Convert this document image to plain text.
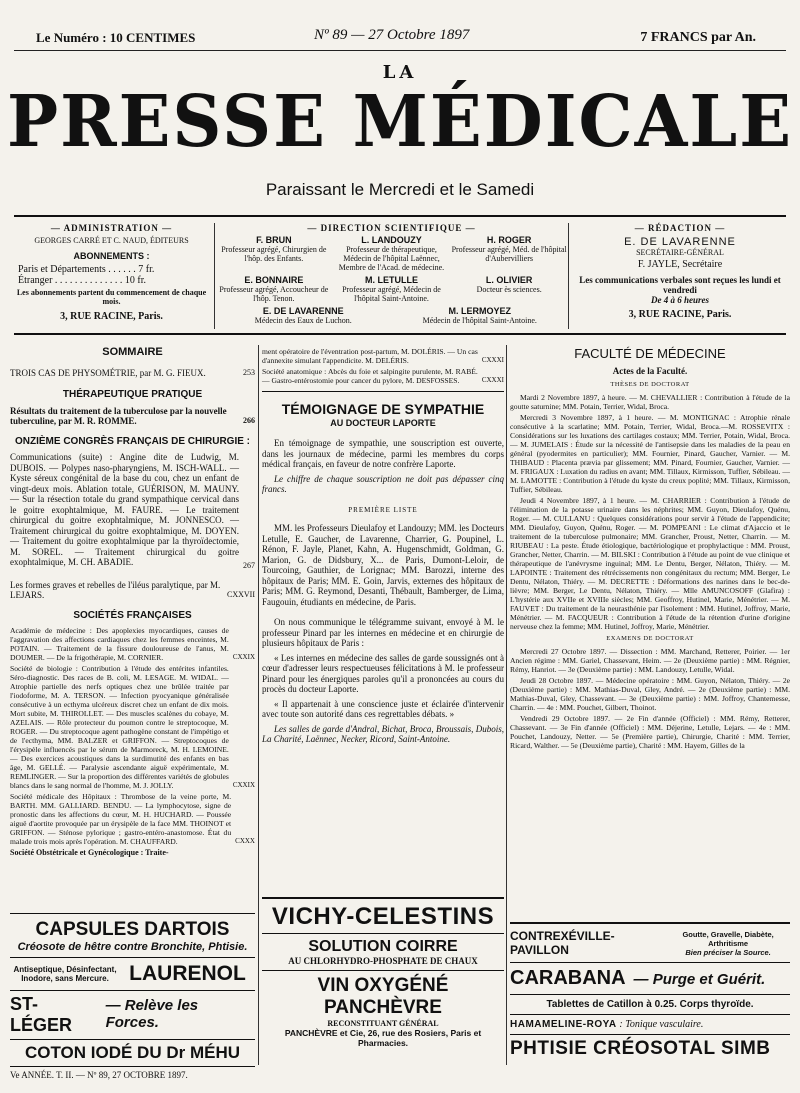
Le Numéro : 10 CENTIMES	Nº 89 — 27 Octobre 1897	7 FRANCS par An.
LA
PRESSE MÉDICALE
Paraissant le Mercredi et le Samedi
— ADMINISTRATION —
GEORGES CARRÉ ET C. NAUD, ÉDITEURS
ABONNEMENTS :
Paris et Départements . . . . . . 7 fr.
Étranger . . . . . . . . . . . . . . 10 fr.
Les abonnements partent du commencement de chaque mois.
3, RUE RACINE, Paris.
— DIRECTION SCIENTIFIQUE —
F. BRUN
Professeur agrégé, Chirurgien de l'hôp. des Enfants.
L. LANDOUZY
Professeur de thérapeutique, Médecin de l'hôpital Laënnec, Membre de l'Acad. de médecine.
H. ROGER
Professeur agrégé, Méd. de l'hôpital d'Aubervilliers
E. BONNAIRE
Professeur agrégé, Accoucheur de l'hôp. Tenon.
M. LETULLE
Professeur agrégé, Médecin de l'hôpital Saint-Antoine.
L. OLIVIER
Docteur ès sciences.
E. DE LAVARENNE
Médecin des Eaux de Luchon.
M. LERMOYEZ
Médecin de l'hôpital Saint-Antoine.
— RÉDACTION —
E. DE LAVARENNE
SECRÉTAIRE-GÉNÉRAL
F. JAYLE, Secrétaire
Les communications verbales sont reçues les lundi et vendredi
De 4 à 6 heures
3, RUE RACINE, Paris.
SOMMAIRE
TROIS CAS DE PHYSOMÉTRIE, par M. G. FIEUX.	253
THÉRAPEUTIQUE PRATIQUE
Résultats du traitement de la tuberculose par la nouvelle tuberculine, par M. R. ROMME.	266
ONZIÈME CONGRÈS FRANÇAIS DE CHIRURGIE :
Communications (suite) : Angine dite de Ludwig, M. DUBOIS. — Polypes naso-pharyngiens, M. ISCH-WALL. — Kyste séreux congénital de la base du cou, chez un enfant de vingt-deux mois. Ablation totale, GUÉRISON, M. MAUNY. — Sur la résection totale du grand sympathique cervical dans le goitre exophtalmique, M. FAURE. — Le traitement chirurgical du goitre exophtalmique, M. JONNESCO. — Traitement chirurgical du goitre exophtalmique, M. DOYEN. — Traitement du goitre exophtalmique par la thyroïdectomie, M. SOREL. — Traitement chirurgical du goitre exophtalmique, M. CH. ABADIE.	267
Les formes graves et rebelles de l'iléus paralytique, par M. LEJARS.	CXXVII
SOCIÉTÉS FRANÇAISES
Académie de médecine : Des apoplexies myocardiques, causes de l'aggravation des affections cardiaques chez les femmes enceintes, M. POTAIN. — Traitement de la fissure douloureuse de l'anus, M. DOUMER. — De la frigothérapie, M. CORNIER.	CXXIX
Société de biologie : Contribution à l'étude des entérites infantiles. Séro-diagnostic. Des races de B. coli, M. LESAGE. M. WIDAL. — Atrophie partielle des nerfs optiques chez une brûlée traitée par l'iodoforme, M. A. TERSON. — Infection pyocyanique généralisée consécutive à un ecthyma ulcéreux discret chez un enfant de dix mois. Mort subite, M. THIROLLET. — Des muscles scalènes du cobaye, M. AZELAIS. — Rôle protecteur du poumon contre le streptocoque, M. ROGER. — Du streptocoque agent pathogène constant de l'impétigo et de l'ecthyma, MM. BALZER et GRIFFON. — Streptocoques de l'érysipèle influencés par le sérum de Marmoreck, M. H. LEMOINE. — Des exercices acoustiques dans la surdimutité des enfants en bas âge, M. GELLÉ. — Paralysie ascendante aiguë expérimentale, M. REMLINGER. — Sur la proportion des différentes variétés de globules blancs dans le sang normal de l'homme, M. J. JOLLY.	CXXIX
Société médicale des Hôpitaux : Thrombose de la veine porte, M. BARTH. MM. GALLIARD. BENDU. — La lymphocytose, signe de pronostic dans les affections du cœur, M. H. HUCHARD. — Poussée aiguë d'aortite provoquée par un érysipèle de la face MM. THOINOT et GRIFFON. — Sténose pylorique ; gastro-entéro-anastomose. État du malade trois mois après l'opération. M. CHAUFFARD.	CXXX
Société Obstétricale et Gynécologique : Traite-
CAPSULES DARTOIS
Créosote de hêtre contre Bronchite, Phtisie.
Antiseptique, Désinfectant, Inodore, sans Mercure. LAURENOL
ST-LÉGER
— Relève les Forces.
COTON IODÉ DU Dr MÉHU
Ve ANNÉE. T. II. — Nº 89, 27 OCTOBRE 1897.
ment opératoire de l'éventration post-partum, M. DOLÉRIS. — Un cas d'annexite simulant l'appendicite. M. DELÉRIS.	CXXXI
Société anatomique : Abcès du foie et salpingite purulente, M. RABÉ. — Gastro-entérostomie pour cancer du pylore, M. DESFOSSES.	CXXXI
TÉMOIGNAGE DE SYMPATHIE
AU DOCTEUR LAPORTE
En témoignage de sympathie, une souscription est ouverte, dans les journaux de médecine, parmi les membres du corps médical français, en faveur de notre confrère Laporte.
Le chiffre de chaque souscription ne doit pas dépasser cinq francs.
PREMIÈRE LISTE
MM. les Professeurs Dieulafoy et Landouzy; MM. les Docteurs Letulle, E. Gaucher, de Lavarenne, Charrier, G. Poupinel, L. Rénon, F. Jayle, Planet, Kahn, A. Hugenschmidt, Goldman, G. Marion, G. de Didsbury, X... de Paris, Dumont-Leloir, de Tourcoing, Gauthier, de Lorignac; MM. Barozzi, interne des hôpitaux de Paris; MM. E. Goin, Jarvis, externes des hôpitaux de Paris; MM. G. Reymond, Desanti, Thébault, Bamberger, de Lima, Faugouin, étudiants en médecine, de Paris.
On nous communique le télégramme suivant, envoyé à M. le professeur Pinard par les internes en médecine et en chirurgie de plusieurs hôpitaux de Paris :
« Les internes en médecine des salles de garde soussignés ont à cœur d'adresser leurs respectueuses félicitations à M. le professeur Pinard pour les énergiques paroles qu'il a prononcées au cours du procès du docteur Laporte.
« Il appartenait à une conscience juste et éclairée d'intervenir avec toute son autorité dans ces regrettables débats. »
Les salles de garde d'Andral, Bichat, Broca, Broussais, Dubois, La Charité, Laënnec, Necker, Ricord, Saint-Antoine.
VICHY-CELESTINS
SOLUTION COIRRE
AU CHLORHYDRO-PHOSPHATE DE CHAUX
VIN OXYGÉNÉ PANCHÈVRE
RECONSTITUANT GÉNÉRAL
PANCHÈVRE et Cie, 26, rue des Rosiers, Paris et Pharmacies.
FACULTÉ DE MÉDECINE
Actes de la Faculté.
THÈSES DE DOCTORAT
Mardi 2 Novembre 1897, à heure. — M. CHEVALLIER : Contribution à l'étude de la goutte saturnine; MM. Potain, Terrier, Widal, Broca.
Mercredi 3 Novembre 1897, à 1 heure. — M. MONTIGNAC : Atrophie rénale consécutive à la scarlatine; MM. Potain, Terrier, Widal, Broca.—M. ROSSEVITX : Considérations sur les luxations des cartilages costaux; MM. Terrier, Potain, Widal, Broca. — M. JUMELAIS : Étude sur la nécessité de l'antisepsie dans les maladies de la peau en général (pyodermites en particulier); MM. Fournier, Pinard, Gaucher, Varnier. — M. THIBAUD : Placenta prævia par glissement; MM. Pinard, Fournier, Gaucher, Varnier. — M. FRIGAUX : Luxation du radius en avant; MM. Tillaux, Kirmisson, Tuffier, Sébileau. — M. LAMOTTE : Contribution à l'étude du kyste du creux poplité; MM. Tillaux, Kirmisson, Tuffier, Sébileau.
Jeudi 4 Novembre 1897, à 1 heure. — M. CHARRIER : Contribution à l'étude de l'élimination de la potasse urinaire dans les néphrites; MM. Guyon, Dieulafoy, Quénu, Roger. — M. CULLANU : Quelques considérations pour servir à l'étude de l'appendicite; MM. Dieulafoy, Guyon, Quénu, Roger. — M. POMPEANI : Le climat d'Ajaccio et le traitement de la tuberculose pulmonaire; MM. Grancher, Proust, Netter, Charrin. — M. RIUBEAU : La peste. Étude étiologique, bactériologique et prophylactique : MM. Proust, Grancher, Netter, Charrin. — M. BILSKI : Contribution à l'étude au point de vue clinique et thérapeutique de l'anévrysme inguinal; MM. Le Dentu, Berger, Nélaton, Thiéry. — M. LAPOINTE : Traitement des rétrécissements non congénitaux du rectum; MM. Berger, Le Dentu, Nélaton, Thiéry. — M. DECRETTE : Déformations des narines dans le bec-de-lièvre; MM. Berger, Le Dentu, Nélaton, Thiéry. — Mlle AMUNCOSOFF (Glafira) : L'hystérie aux XVIIe et XVIIIe siècles; MM. Geoffroy, Hutinel, Marie, Ménétrier. — M. FAUVET : Du traitement de la neurasthénie par l'isolement : MM. Hutinel, Joffroy, Marie, Ménétrier. — M. FACQUEUR : Contribution à l'étude de la rétention d'urine d'origine nerveuse chez la femme; MM. Hutinel, Joffroy, Marie, Ménétrier.
EXAMENS DE DOCTORAT
Mercredi 27 Octobre 1897. — Dissection : MM. Marchand, Retterer, Poirier. — 1er Ancien régime : MM. Gariel, Chassevant, Heim. — 2e (Deuxième partie) : MM. Régnier, Rémy, Hanriot. — 3e (Deuxième partie) : MM. Landouzy, Letulle, Widal.
Jeudi 28 Octobre 1897. — Médecine opératoire : MM. Guyon, Nélaton, Thiéry. — 2e (Deuxième partie) : MM. Mathias-Duval, Gley, André. — 2e (Deuxième partie) : MM. Mathias-Duval, Gley, Chassevant. — 3e (Deuxième partie) : MM. Joffroy, Chantemesse, Charrin. — 4e : MM. Pouchet, Gilbert, Thoinot.
Vendredi 29 Octobre 1897. — 2e Fin d'année (Officiel) : MM. Rémy, Retterer, Chassevant. — 3e Fin d'année (Officiel) : MM. Déjerine, Letulle, Lejars. — 4e : MM. Pouchet, Landouzy, Netter. — 5e (Première partie), Chirurgie, Charité : MM. Terrier, Ricard, Walther. — 5e (Deuxième partie), Charité : MM. Hayem, Gilles de la
CONTREXÉVILLE-PAVILLON
Goutte, Gravelle, Diabète, Arthritisme
Bien préciser la Source.
CARABANA — Purge et Guérit.
Tablettes de Catillon à 0.25. Corps thyroïde.
HAMAMELINE-ROYA : Tonique vasculaire.
PHTISIE CRÉOSOTAL SIMB
